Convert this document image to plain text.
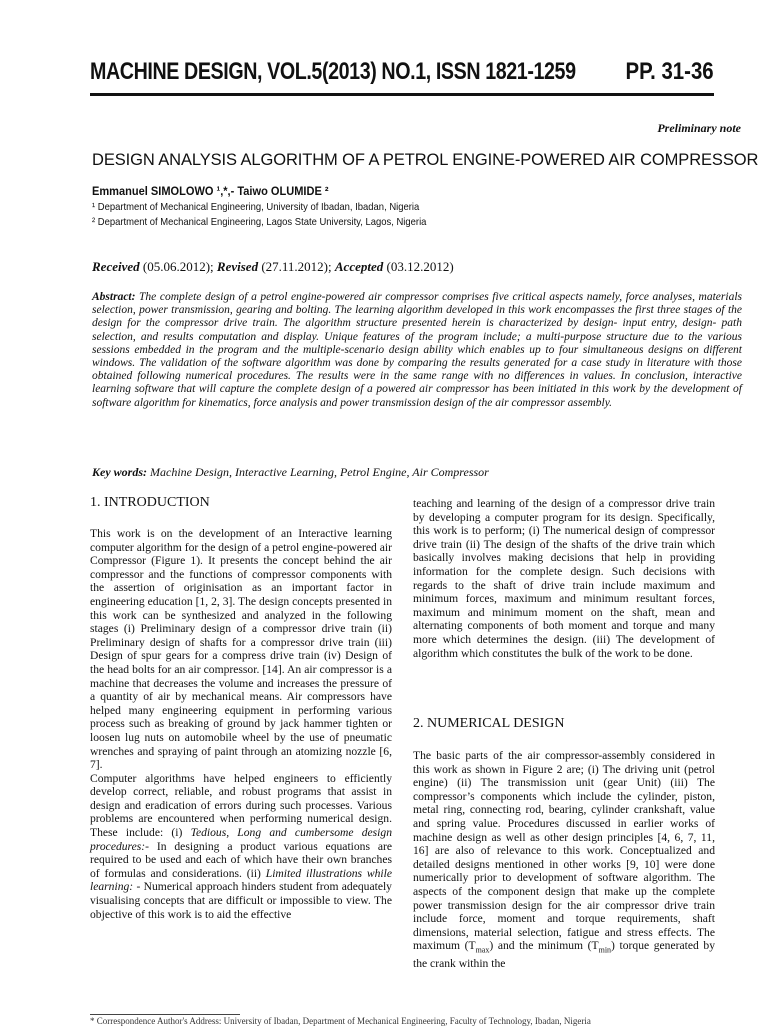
MACHINE DESIGN, VOL.5(2013) NO.1, ISSN 1821-1259 PP. 31-36
Preliminary note
DESIGN ANALYSIS ALGORITHM OF A PETROL ENGINE-POWERED AIR COMPRESSOR
Emmanuel SIMOLOWO ¹,*,- Taiwo OLUMIDE ²
¹ Department of Mechanical Engineering, University of Ibadan, Ibadan, Nigeria
² Department of Mechanical Engineering, Lagos State University, Lagos, Nigeria
Received (05.06.2012); Revised (27.11.2012); Accepted (03.12.2012)
Abstract: The complete design of a petrol engine-powered air compressor comprises five critical aspects namely, force analyses, materials selection, power transmission, gearing and bolting. The learning algorithm developed in this work encompasses the first three stages of the design for the compressor drive train. The algorithm structure presented herein is characterized by design- input entry, design- path selection, and results computation and display. Unique features of the program include; a multi-purpose structure due to the various sessions embedded in the program and the multiple-scenario design ability which enables up to four simultaneous designs on different windows. The validation of the software algorithm was done by comparing the results generated for a case study in literature with those obtained following numerical procedures. The results were in the same range with no differences in values. In conclusion, interactive learning software that will capture the complete design of a powered air compressor has been initiated in this work by the development of software algorithm for kinematics, force analysis and power transmission design of the air compressor assembly.
Key words: Machine Design, Interactive Learning, Petrol Engine, Air Compressor
1. INTRODUCTION

This work is on the development of an Interactive learning computer algorithm for the design of a petrol engine-powered air Compressor (Figure 1). It presents the concept behind the air compressor and the functions of compressor components with the assertion of originisation as an important factor in engineering education [1, 2, 3]. The design concepts presented in this work can be synthesized and analyzed in the following stages (i) Preliminary design of a compressor drive train (ii) Preliminary design of shafts for a compressor drive train (iii) Design of spur gears for a compress drive train (iv) Design of the head bolts for an air compressor. [14]. An air compressor is a machine that decreases the volume and increases the pressure of a quantity of air by mechanical means. Air compressors have helped many engineering equipment in performing various process such as breaking of ground by jack hammer tighten or loosen lug nuts on automobile wheel by the use of pneumatic wrenches and spraying of paint through an atomizing nozzle [6, 7].

Computer algorithms have helped engineers to efficiently develop correct, reliable, and robust programs that assist in design and eradication of errors during such processes. Various problems are encountered when performing numerical design. These include: (i) Tedious, Long and cumbersome design procedures:- In designing a product various equations are required to be used and each of which have their own branches of formulas and considerations. (ii) Limited illustrations while learning: - Numerical approach hinders student from adequately visualising concepts that are difficult or impossible to view. The objective of this work is to aid the effective

teaching and learning of the design of a compressor drive train by developing a computer program for its design. Specifically, this work is to perform; (i) The numerical design of compressor drive train (ii) The design of the shafts of the drive train which basically involves making decisions that help in providing information for the complete design. Such decisions with regards to the shaft of drive train include maximum and minimum forces, maximum and minimum resultant forces, maximum and minimum moment on the shaft, mean and alternating components of both moment and torque and many more which determines the design. (iii) The development of algorithm which constitutes the bulk of the work to be done.

2. NUMERICAL DESIGN

The basic parts of the air compressor-assembly considered in this work as shown in Figure 2 are; (i) The driving unit (petrol engine) (ii) The transmission unit (gear Unit) (iii) The compressor’s components which include the cylinder, piston, metal ring, connecting rod, bearing, cylinder crankshaft, value and spring value. Procedures discussed in earlier works of machine design as well as other design principles [4, 6, 7, 11, 16] are also of relevance to this work. Conceptualized and detailed designs mentioned in other works [9, 10] were done numerically prior to development of software algorithm. The aspects of the component design that make up the complete power transmission design for the air compressor drive train include force, moment and torque requirements, shaft dimensions, material selection, fatigue and stress effects. The maximum $(T_{max})$ and the minimum $(T_{min})$ torque generated by the crank within the

* Correspondence Author's Address: University of Ibadan, Department of Mechanical Engineering, Faculty of Technology, Ibadan, Nigeria
